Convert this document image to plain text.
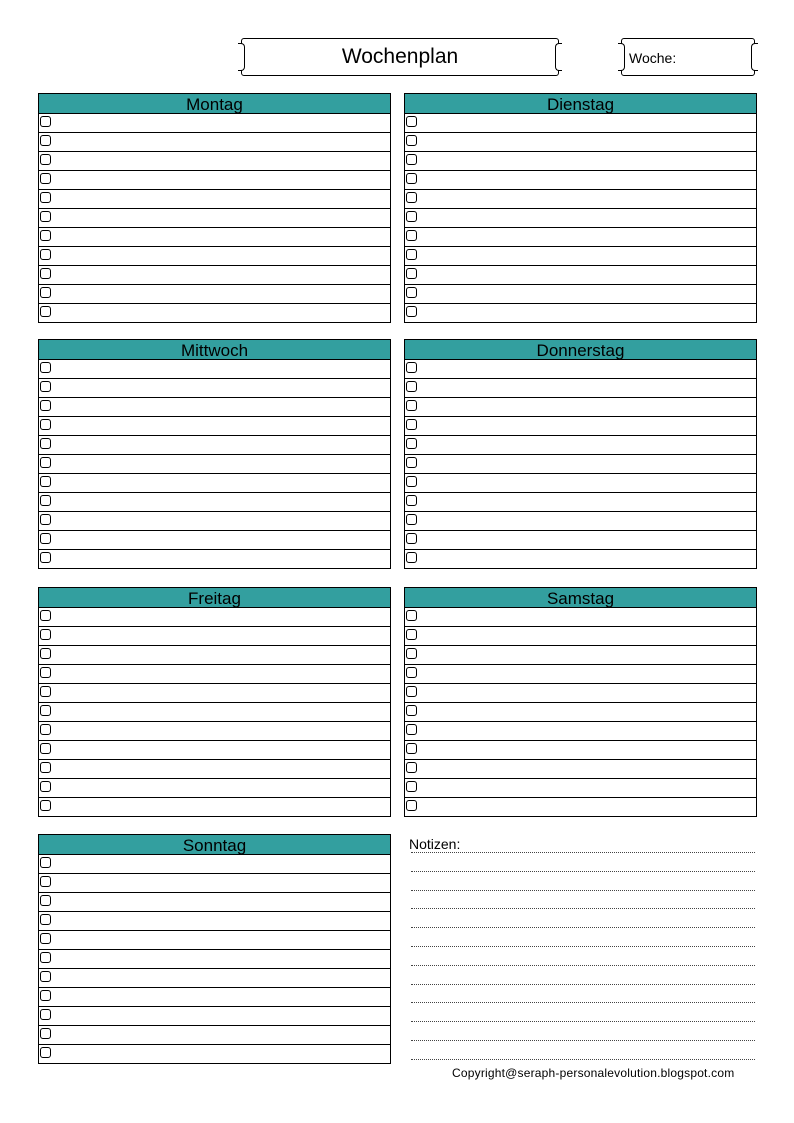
Wochenplan	Woche:
Montag	Dienstag
Mittwoch	Donnerstag
Freitag	Samstag
Sonntag	Notizen:
Copyright@seraph-personalevolution.blogspot.com
